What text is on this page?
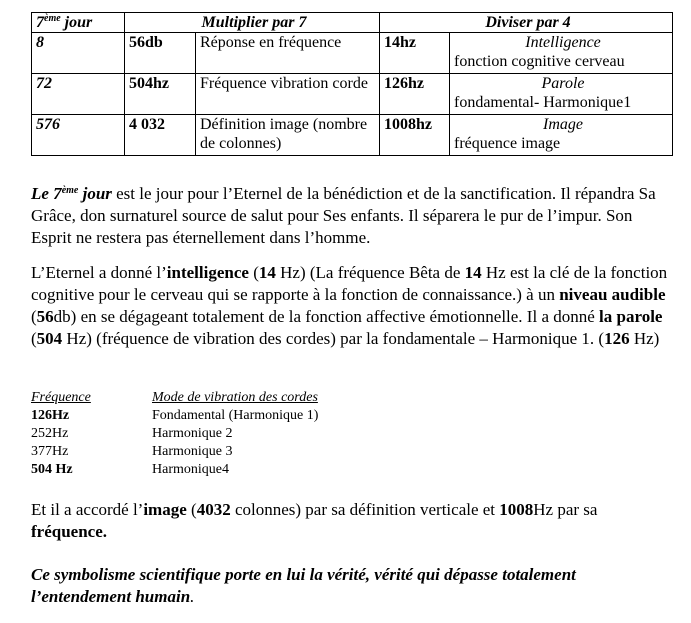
7ème jour	Multiplier par 7		Diviser par 4	
8	56db	Réponse en fréquence	14hz	Intelligence
fonction cognitive cerveau
72	504hz	Fréquence vibration corde	126hz	Parole
fondamental- Harmonique1
576	4 032	Définition image (nombre de colonnes)	1008hz	Image
fréquence image

Le 7ème jour est le jour pour l’Eternel de la bénédiction et de la sanctification. Il répandra Sa Grâce, don surnaturel source de salut pour Ses enfants. Il séparera le pur de l’impur. Son Esprit ne restera pas éternellement dans l’homme.

L’Eternel a donné l’intelligence (14 Hz) (La fréquence Bêta de 14 Hz est la clé de la fonction cognitive pour le cerveau qui se rapporte à la fonction de connaissance.) à un niveau audible (56db) en se dégageant totalement de la fonction affective émotionnelle. Il a donné la parole (504 Hz) (fréquence de vibration des cordes) par la fondamentale – Harmonique 1. (126 Hz)

Fréquence	Mode de vibration des cordes
126Hz	Fondamental (Harmonique 1)
252Hz	Harmonique 2
377Hz	Harmonique 3
504 Hz	Harmonique4

Et il a accordé l’image (4032 colonnes) par sa définition verticale et 1008Hz par sa fréquence.

Ce symbolisme scientifique porte en lui la vérité, vérité qui dépasse totalement l’entendement humain.
